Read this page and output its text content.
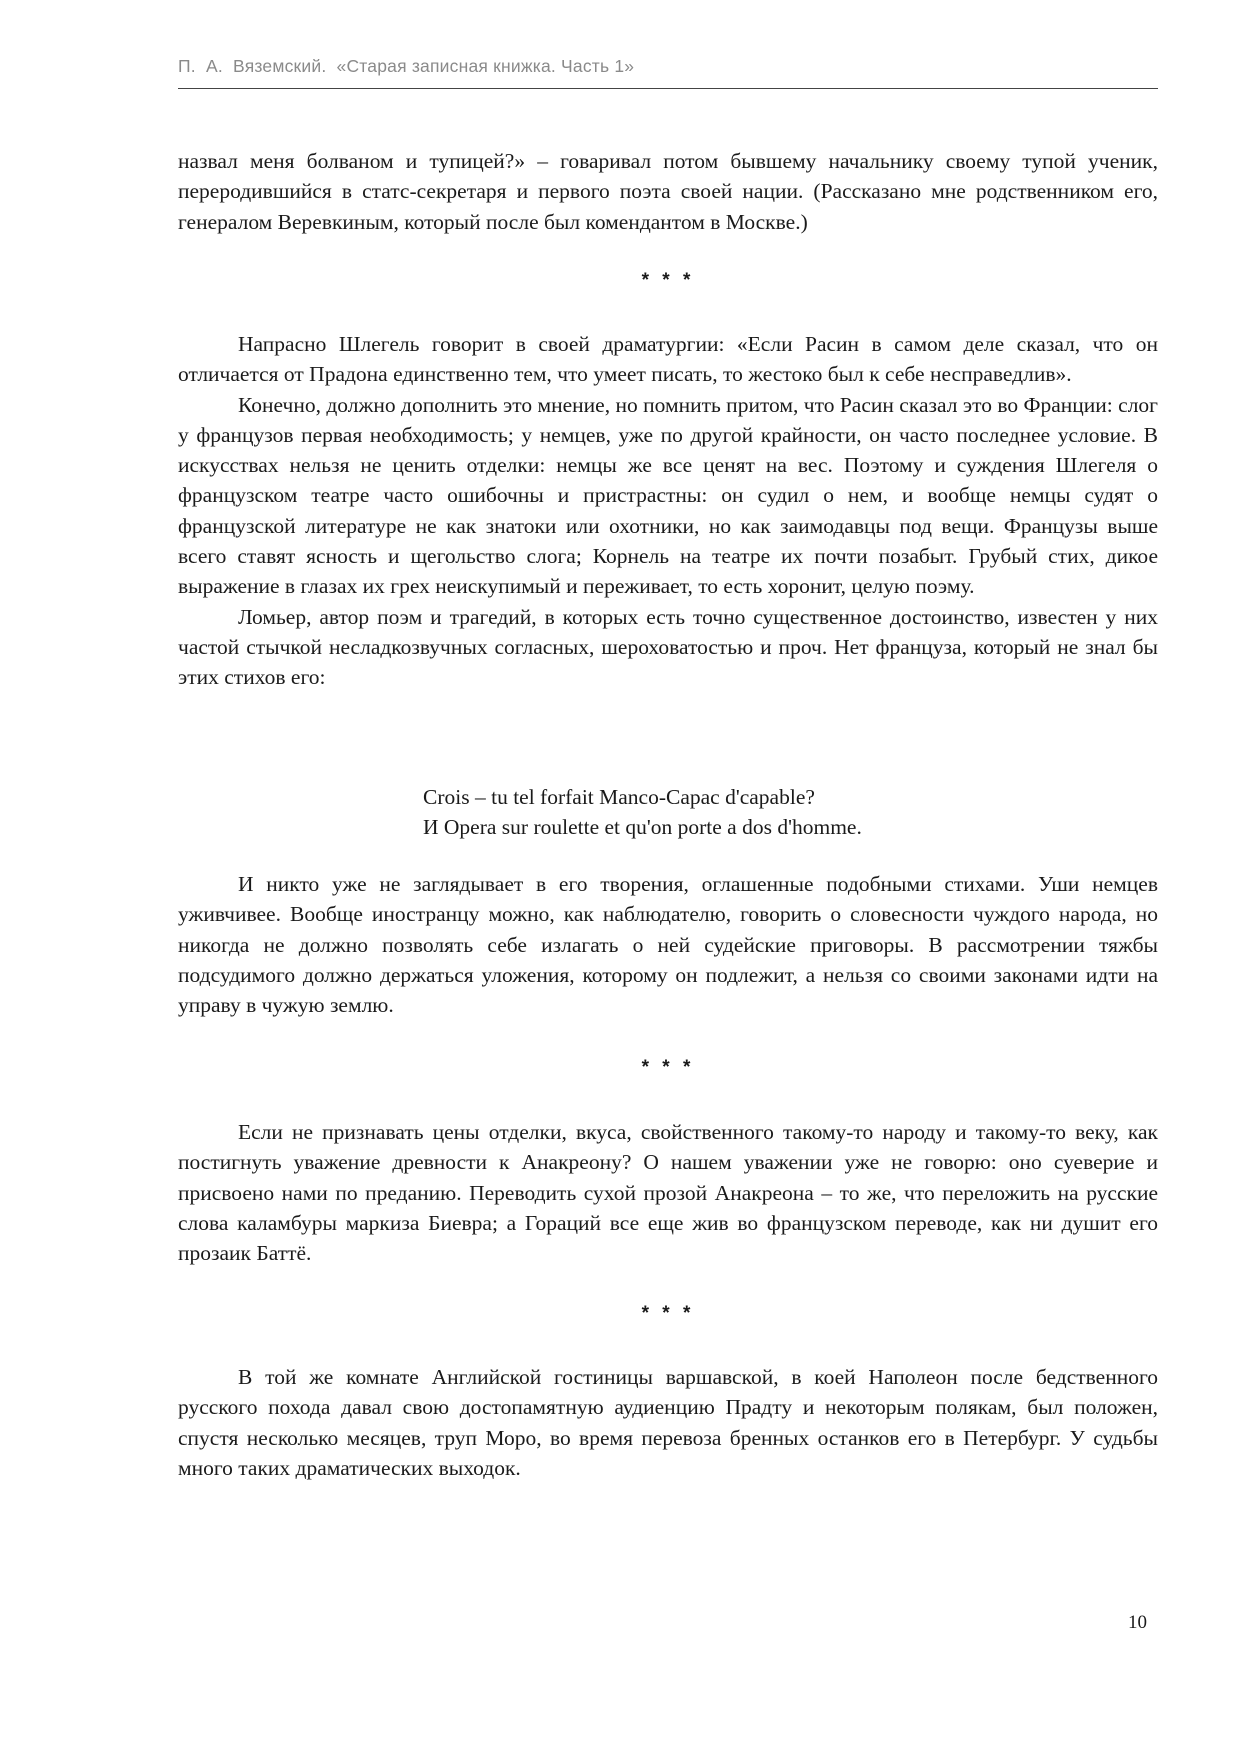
П.  А.  Вяземский.  «Старая записная книжка. Часть 1»

назвал меня болваном и тупицей?» – говаривал потом бывшему начальнику своему тупой ученик, переродившийся в статс-секретаря и первого поэта своей нации. (Рассказано мне родственником его, генералом Веревкиным, который после был комендантом в Москве.)

* * *

Напрасно Шлегель говорит в своей драматургии: «Если Расин в самом деле сказал, что он отличается от Прадона единственно тем, что умеет писать, то жестоко был к себе несправедлив».

Конечно, должно дополнить это мнение, но помнить притом, что Расин сказал это во Франции: слог у французов первая необходимость; у немцев, уже по другой крайности, он часто последнее условие. В искусствах нельзя не ценить отделки: немцы же все ценят на вес. Поэтому и суждения Шлегеля о французском театре часто ошибочны и пристрастны: он судил о нем, и вообще немцы судят о французской литературе не как знатоки или охотники, но как заимодавцы под вещи. Французы выше всего ставят ясность и щегольство слога; Корнель на театре их почти позабыт. Грубый стих, дикое выражение в глазах их грех неискупимый и переживает, то есть хоронит, целую поэму.

Ломьер, автор поэм и трагедий, в которых есть точно существенное достоинство, известен у них частой стычкой несладкозвучных согласных, шероховатостью и проч. Нет француза, который не знал бы этих стихов его:

Crois – tu tel forfait Manco-Capac d'capable?
И Opera sur roulette et qu'on porte a dos d'homme.

И никто уже не заглядывает в его творения, оглашенные подобными стихами. Уши немцев уживчивее. Вообще иностранцу можно, как наблюдателю, говорить о словесности чуждого народа, но никогда не должно позволять себе излагать о ней судейские приговоры. В рассмотрении тяжбы подсудимого должно держаться уложения, которому он подлежит, а нельзя со своими законами идти на управу в чужую землю.

* * *

Если не признавать цены отделки, вкуса, свойственного такому-то народу и такому-то веку, как постигнуть уважение древности к Анакреону? О нашем уважении уже не говорю: оно суеверие и присвоено нами по преданию. Переводить сухой прозой Анакреона – то же, что переложить на русские слова каламбуры маркиза Биевра; а Гораций все еще жив во французском переводе, как ни душит его прозаик Баттё.

* * *

В той же комнате Английской гостиницы варшавской, в коей Наполеон после бедственного русского похода давал свою достопамятную аудиенцию Прадту и некоторым полякам, был положен, спустя несколько месяцев, труп Моро, во время перевоза бренных останков его в Петербург. У судьбы много таких драматических выходок.

10
